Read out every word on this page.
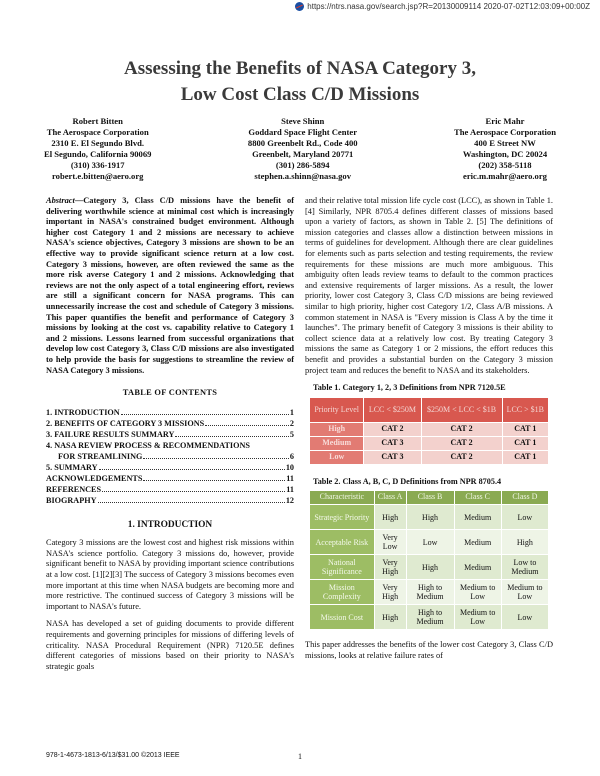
https://ntrs.nasa.gov/search.jsp?R=20130009114 2020-07-02T12:03:09+00:00Z
Assessing the Benefits of NASA Category 3,
Low Cost Class C/D Missions
Robert Bitten
The Aerospace Corporation
2310 E. El Segundo Blvd.
El Segundo, California 90069
(310) 336-1917
robert.e.bitten@aero.org
Steve Shinn
Goddard Space Flight Center
8800 Greenbelt Rd., Code 400
Greenbelt, Maryland 20771
(301) 286-5894
stephen.a.shinn@nasa.gov
Eric Mahr
The Aerospace Corporation
400 E Street NW
Washington, DC 20024
(202) 358-5118
eric.m.mahr@aero.org

Abstract—Category 3, Class C/D missions have the benefit of delivering worthwhile science at minimal cost which is increasingly important in NASA's constrained budget environment. Although higher cost Category 1 and 2 missions are necessary to achieve NASA's science objectives, Category 3 missions are shown to be an effective way to provide significant science return at a low cost. Category 3 missions, however, are often reviewed the same as the more risk averse Category 1 and 2 missions. Acknowledging that reviews are not the only aspect of a total engineering effort, reviews are still a significant concern for NASA programs. This can unnecessarily increase the cost and schedule of Category 3 missions. This paper quantifies the benefit and performance of Category 3 missions by looking at the cost vs. capability relative to Category 1 and 2 missions. Lessons learned from successful organizations that develop low cost Category 3, Class C/D missions are also investigated to help provide the basis for suggestions to streamline the review of NASA Category 3 missions.

TABLE OF CONTENTS
1. INTRODUCTION	1
2. BENEFITS OF CATEGORY 3 MISSIONS	2
3. FAILURE RESULTS SUMMARY	5
4. NASA REVIEW PROCESS & RECOMMENDATIONS
FOR STREAMLINING	6
5. SUMMARY	10
ACKNOWLEDGEMENTS	11
REFERENCES	11
BIOGRAPHY	12
1. INTRODUCTION

Category 3 missions are the lowest cost and highest risk missions within NASA's science portfolio. Category 3 missions do, however, provide significant benefit to NASA by providing important science contributions at a low cost. [1][2][3] The success of Category 3 missions becomes even more important at this time when NASA budgets are becoming more and more restrictive. The continued success of Category 3 missions will be important to NASA's future.

NASA has developed a set of guiding documents to provide different requirements and governing principles for missions of differing levels of criticality. NASA Procedural Requirement (NPR) 7120.5E defines different categories of missions based on their priority to NASA's strategic goals

and their relative total mission life cycle cost (LCC), as shown in Table 1. [4] Similarly, NPR 8705.4 defines different classes of missions based upon a variety of factors, as shown in Table 2. [5] The definitions of mission categories and classes allow a distinction between missions in terms of guidelines for development. Although there are clear guidelines for elements such as parts selection and testing requirements, the review requirements for these missions are much more ambiguous. This ambiguity often leads review teams to default to the common practices and extensive requirements of larger missions. As a result, the lower priority, lower cost Category 3, Class C/D missions are being reviewed similar to high priority, higher cost Category 1/2, Class A/B missions. A common statement in NASA is "Every mission is Class A by the time it launches". The primary benefit of Category 3 missions is their ability to collect science data at a relatively low cost. By treating Category 3 missions the same as Category 1 or 2 missions, the effort reduces this benefit and provides a substantial burden on the Category 3 mission project team and reduces the benefit to NASA and its stakeholders.

Table 1. Category 1, 2, 3 Definitions from NPR 7120.5E
Priority Level	LCC < $250M	$250M < LCC < $1B	LCC > $1B
High	CAT 2	CAT 2	CAT 1
Medium	CAT 3	CAT 2	CAT 1
Low	CAT 3	CAT 2	CAT 1
Table 2. Class A, B, C, D Definitions from NPR 8705.4
Characteristic	Class A	Class B	Class C	Class D
Strategic Priority	High	High	Medium	Low
Acceptable Risk	Very Low	Low	Medium	High
National Significance	Very High	High	Medium	Low to Medium
Mission Complexity	Very High	High to Medium	Medium to Low	Medium to Low
Mission Cost	High	High to Medium	Medium to Low	Low

This paper addresses the benefits of the lower cost Category 3, Class C/D missions, looks at relative failure rates of

978-1-4673-1813-6/13/$31.00 ©2013 IEEE	1
